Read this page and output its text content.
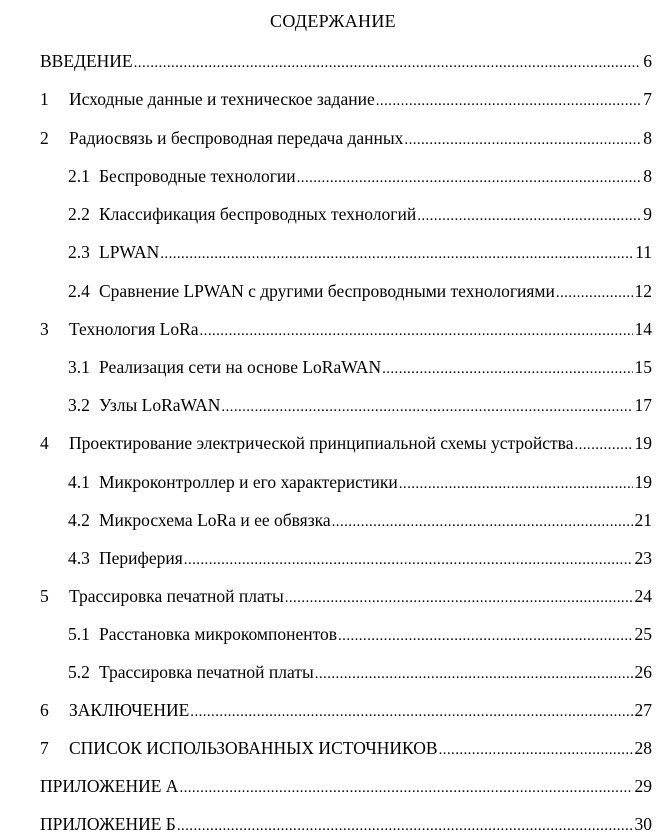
СОДЕРЖАНИЕ
ВВЕДЕНИЕ .....	6
1	Исходные данные и техническое задание .....	7
2	Радиосвязь и беспроводная передача данных .....	8
2.1 Беспроводные технологии .....	8
2.2 Классификация беспроводных технологий .....	9
2.3 LPWAN .....	11
2.4 Сравнение LPWAN с другими беспроводными технологиями .....	12
3	Технология LoRa .....	14
3.1 Реализация сети на основе LoRaWAN .....	15
3.2 Узлы LoRaWAN .....	17
4	Проектирование электрической принципиальной схемы устройства .....	19
4.1 Микроконтроллер и его характеристики .....	19
4.2 Микросхема LoRa и ее обвязка .....	21
4.3 Периферия .....	23
5	Трассировка печатной платы .....	24
5.1 Расстановка микрокомпонентов .....	25
5.2 Трассировка печатной платы .....	26
6	ЗАКЛЮЧЕНИЕ .....	27
7	СПИСОК ИСПОЛЬЗОВАННЫХ ИСТОЧНИКОВ .....	28
ПРИЛОЖЕНИЕ А .....	29
ПРИЛОЖЕНИЕ Б .....	30
